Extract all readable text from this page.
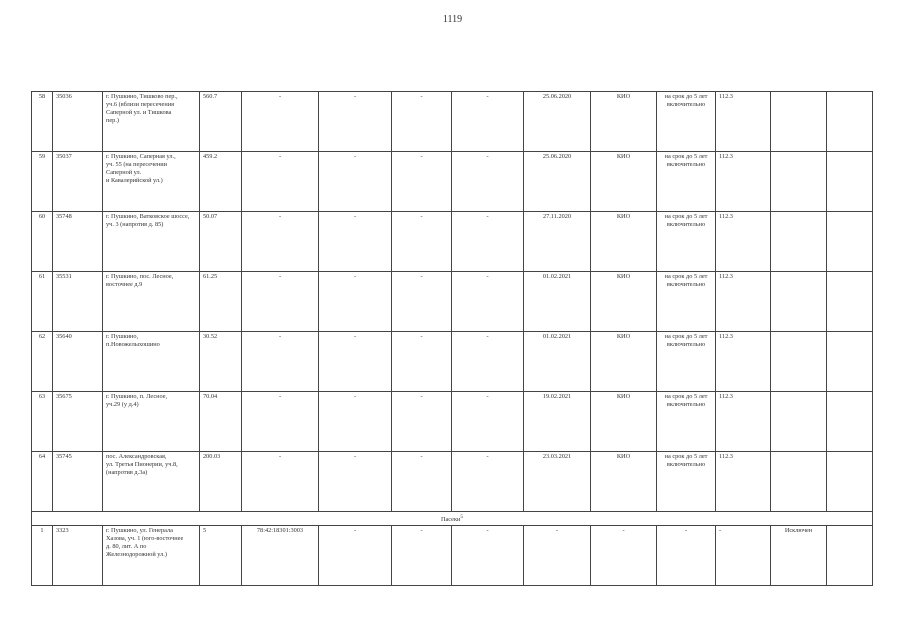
1119
58	35036	г. Пушкино, Тишково пер.,
уч.6 (вблизи пересечения
Саперной ул. и Тишкова
пер.)	560.7	-	-	-	-	25.06.2020	КИО	на срок до 5 лет
включительно	112.3		
59	35037	г. Пушкино, Саперная ул.,
уч. 55 (на пересечении
Саперной ул.
и Кавалерийской ул.)	459.2	-	-	-	-	25.06.2020	КИО	на срок до 5 лет
включительно	112.3		
60	35748	г. Пушкино, Ватковское шоссе,
уч. 3 (напротив д. 85)	50.07	-	-	-	-	27.11.2020	КИО	на срок до 5 лет
включительно	112.3		
61	35531	г. Пушкино, пос. Лесное,
восточнее д.9	61.25	-	-	-	-	01.02.2021	КИО	на срок до 5 лет
включительно	112.3		
62	35640	г. Пушкино,
п.Новожелыхошино	30.52	-	-	-	-	01.02.2021	КИО	на срок до 5 лет
включительно	112.3		
63	35675	г. Пушкино, п. Лесное,
уч.29 (у д.4)	70.04	-	-	-	-	19.02.2021	КИО	на срок до 5 лет
включительно	112.3		
64	35745	пос. Александровская,
ул. Третья Пионерии, уч.8,
(напротив д.3а)	200.03	-	-	-	-	23.03.2021	КИО	на срок до 5 лет
включительно	112.3		
Пасеки$^5$
1	3323	г. Пушкино, ул. Генерала
Хазова, уч. 1 (юго-восточнее
д. 80, лит. А по
Железнодорожной ул.)	5	78:42:18301:3003	-	-	-	-	-	-	-	Исключен	
